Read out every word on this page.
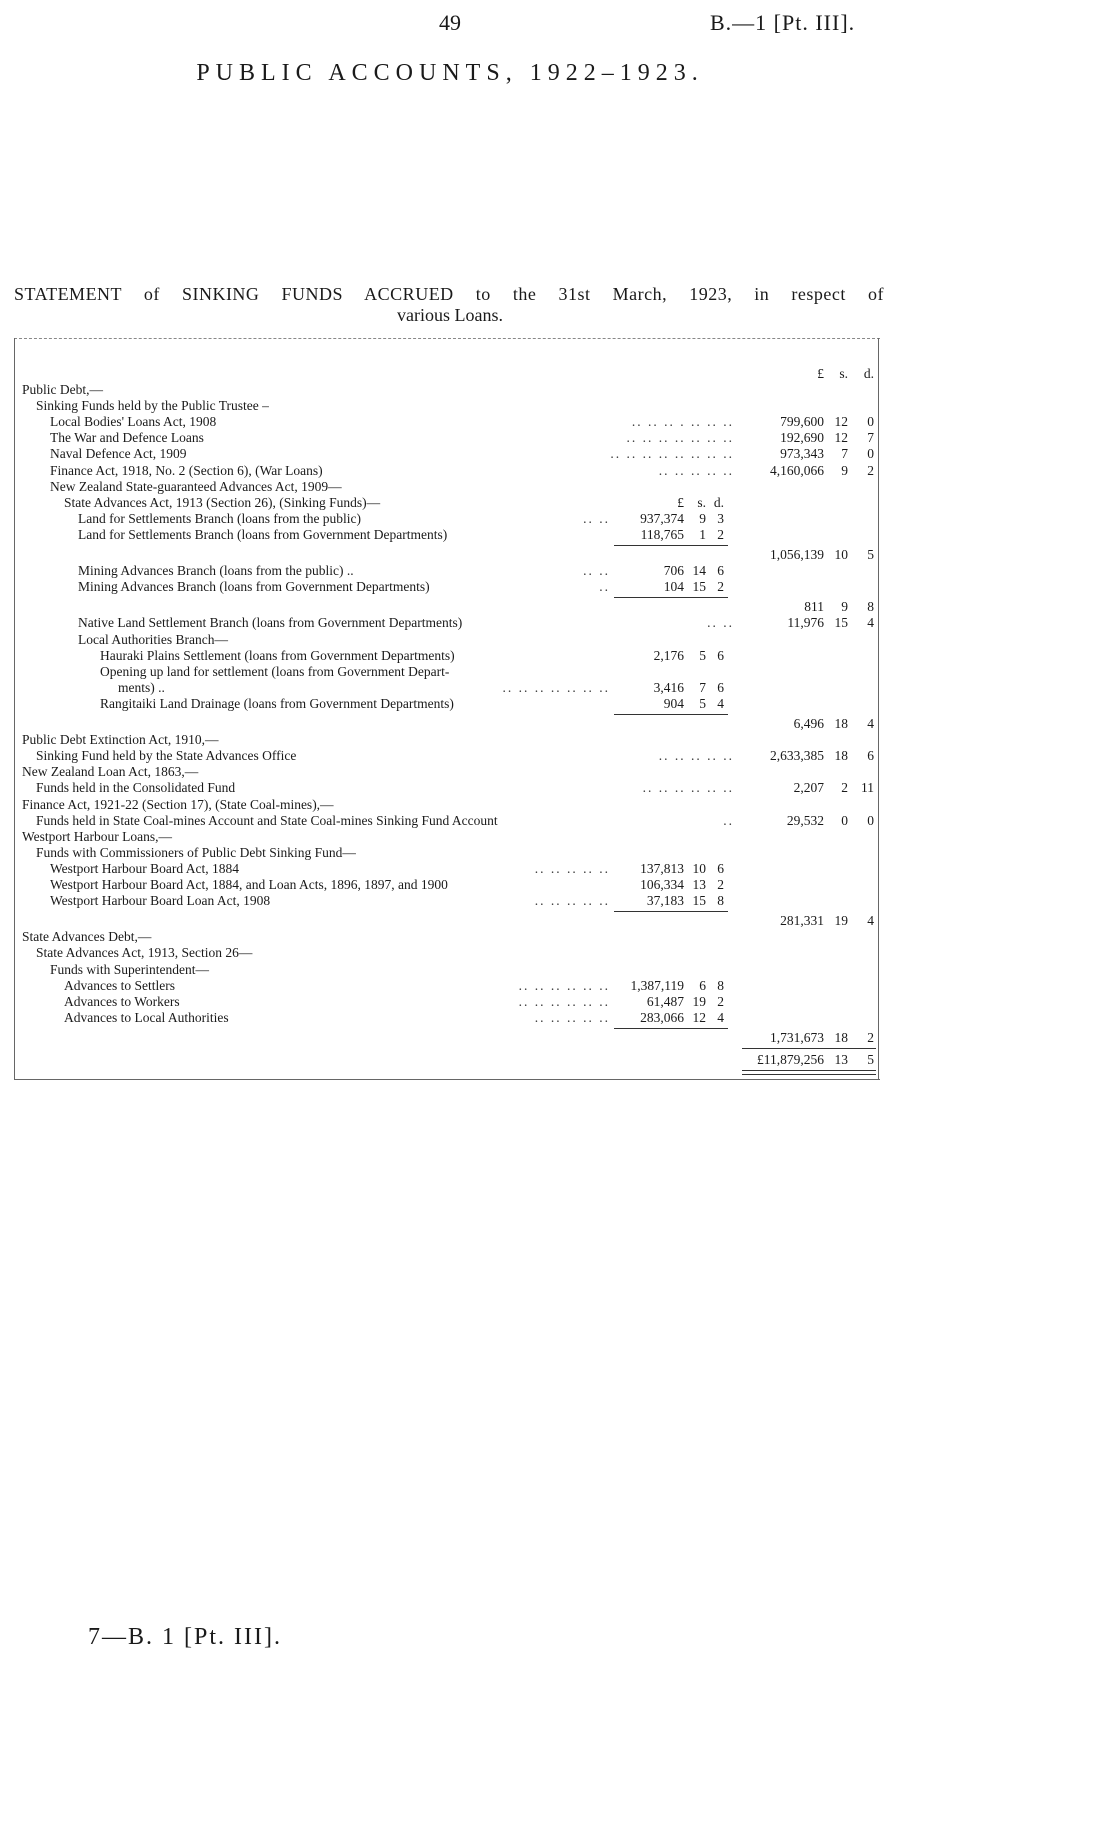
49	B.—1 [Pt. III].
PUBLIC ACCOUNTS, 1922–1923.
STATEMENT of SINKING FUNDS ACCRUED to the 31st March, 1923, in respect of
various Loans.
£	s.	d.
Public Debt,—
Sinking Funds held by the Public Trustee –
Local Bodies' Loans Act, 1908	.. .. .. . .. .. ..	799,600 12	0
The War and Defence Loans	.. .. .. .. .. .. ..	192,690 12	7
Naval Defence Act, 1909	.. .. .. .. .. .. .. ..	973,343	7	0
Finance Act, 1918, No. 2 (Section 6), (War Loans)	.. .. .. .. ..	4,160,066	9	2
New Zealand State-guaranteed Advances Act, 1909—
State Advances Act, 1913 (Section 26), (Sinking Funds)—	£ s. d.
Land for Settlements Branch (loans from the public)	.. ..	937,374	9 3
Land for Settlements Branch (loans from Government Departments)	118,765	1 2
1,056,139 10	5
Mining Advances Branch (loans from the public) ..	.. ..	706 14 6
Mining Advances Branch (loans from Government Departments)	..	104 15 2
811	9	8
Native Land Settlement Branch (loans from Government Departments)	.. ..	11,976 15	4
Local Authorities Branch—
Hauraki Plains Settlement (loans from Government Departments)	2,176	5 6
Opening up land for settlement (loans from Government Depart-
ments) ..	.. .. .. .. .. .. ..	3,416	7 6
Rangitaiki Land Drainage (loans from Government Departments)	904	5 4
6,496 18	4
Public Debt Extinction Act, 1910,—
Sinking Fund held by the State Advances Office	.. .. .. .. ..	2,633,385 18	6
New Zealand Loan Act, 1863,—
Funds held in the Consolidated Fund	.. .. .. .. .. ..	2,207	2 11
Finance Act, 1921-22 (Section 17), (State Coal-mines),—
Funds held in State Coal-mines Account and State Coal-mines Sinking Fund Account	..	29,532	0	0
Westport Harbour Loans,—
Funds with Commissioners of Public Debt Sinking Fund—
Westport Harbour Board Act, 1884	.. .. .. .. ..	137,813 10 6
Westport Harbour Board Act, 1884, and Loan Acts, 1896, 1897, and 1900	106,334 13 2
Westport Harbour Board Loan Act, 1908	.. .. .. .. ..	37,183 15 8
281,331 19	4
State Advances Debt,—
State Advances Act, 1913, Section 26—
Funds with Superintendent—
Advances to Settlers	.. .. .. .. .. ..	1,387,119	6 8
Advances to Workers	.. .. .. .. .. ..	61,487 19 2
Advances to Local Authorities	.. .. .. .. ..	283,066 12 4
1,731,673 18	2
£11,879,256 13	5
7—B. 1 [Pt. III].
